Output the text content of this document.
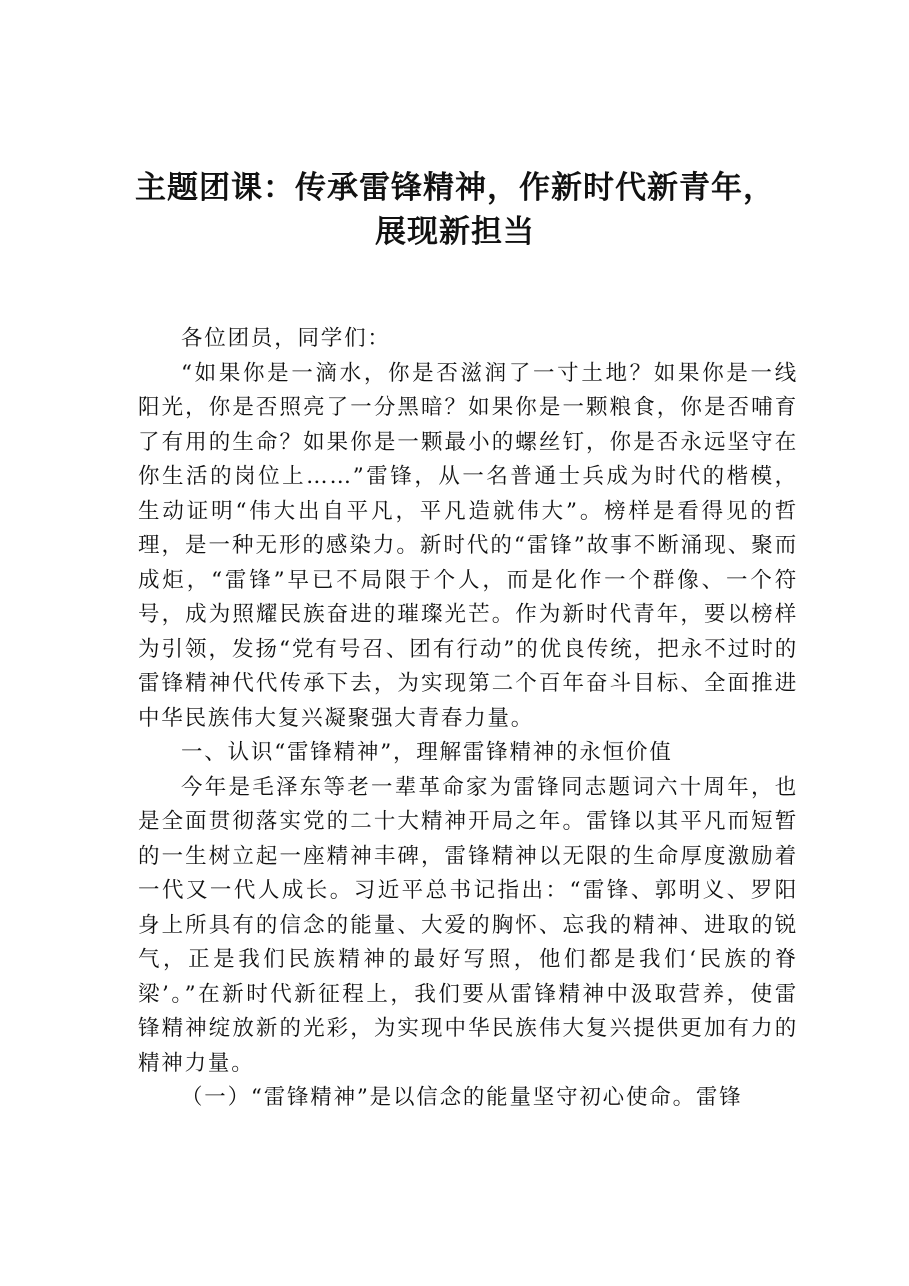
主题团课：传承雷锋精神，作新时代新青年，
展现新担当

各位团员，同学们：

“如果你是一滴水，你是否滋润了一寸土地？如果你是一线阳光，你是否照亮了一分黑暗？如果你是一颗粮食，你是否哺育了有用的生命？如果你是一颗最小的螺丝钉，你是否永远坚守在你生活的岗位上……”雷锋，从一名普通士兵成为时代的楷模，生动证明“伟大出自平凡，平凡造就伟大”。榜样是看得见的哲理，是一种无形的感染力。新时代的“雷锋”故事不断涌现、聚而成炬，“雷锋”早已不局限于个人，而是化作一个群像、一个符号，成为照耀民族奋进的璀璨光芒。作为新时代青年，要以榜样为引领，发扬“党有号召、团有行动”的优良传统，把永不过时的雷锋精神代代传承下去，为实现第二个百年奋斗目标、全面推进中华民族伟大复兴凝聚强大青春力量。

一、认识“雷锋精神”，理解雷锋精神的永恒价值

今年是毛泽东等老一辈革命家为雷锋同志题词六十周年，也是全面贯彻落实党的二十大精神开局之年。雷锋以其平凡而短暂的一生树立起一座精神丰碑，雷锋精神以无限的生命厚度激励着一代又一代人成长。习近平总书记指出：“雷锋、郭明义、罗阳身上所具有的信念的能量、大爱的胸怀、忘我的精神、进取的锐气，正是我们民族精神的最好写照，他们都是我们‘民族的脊梁’。”在新时代新征程上，我们要从雷锋精神中汲取营养，使雷锋精神绽放新的光彩，为实现中华民族伟大复兴提供更加有力的精神力量。

（一）“雷锋精神”是以信念的能量坚守初心使命。雷锋
